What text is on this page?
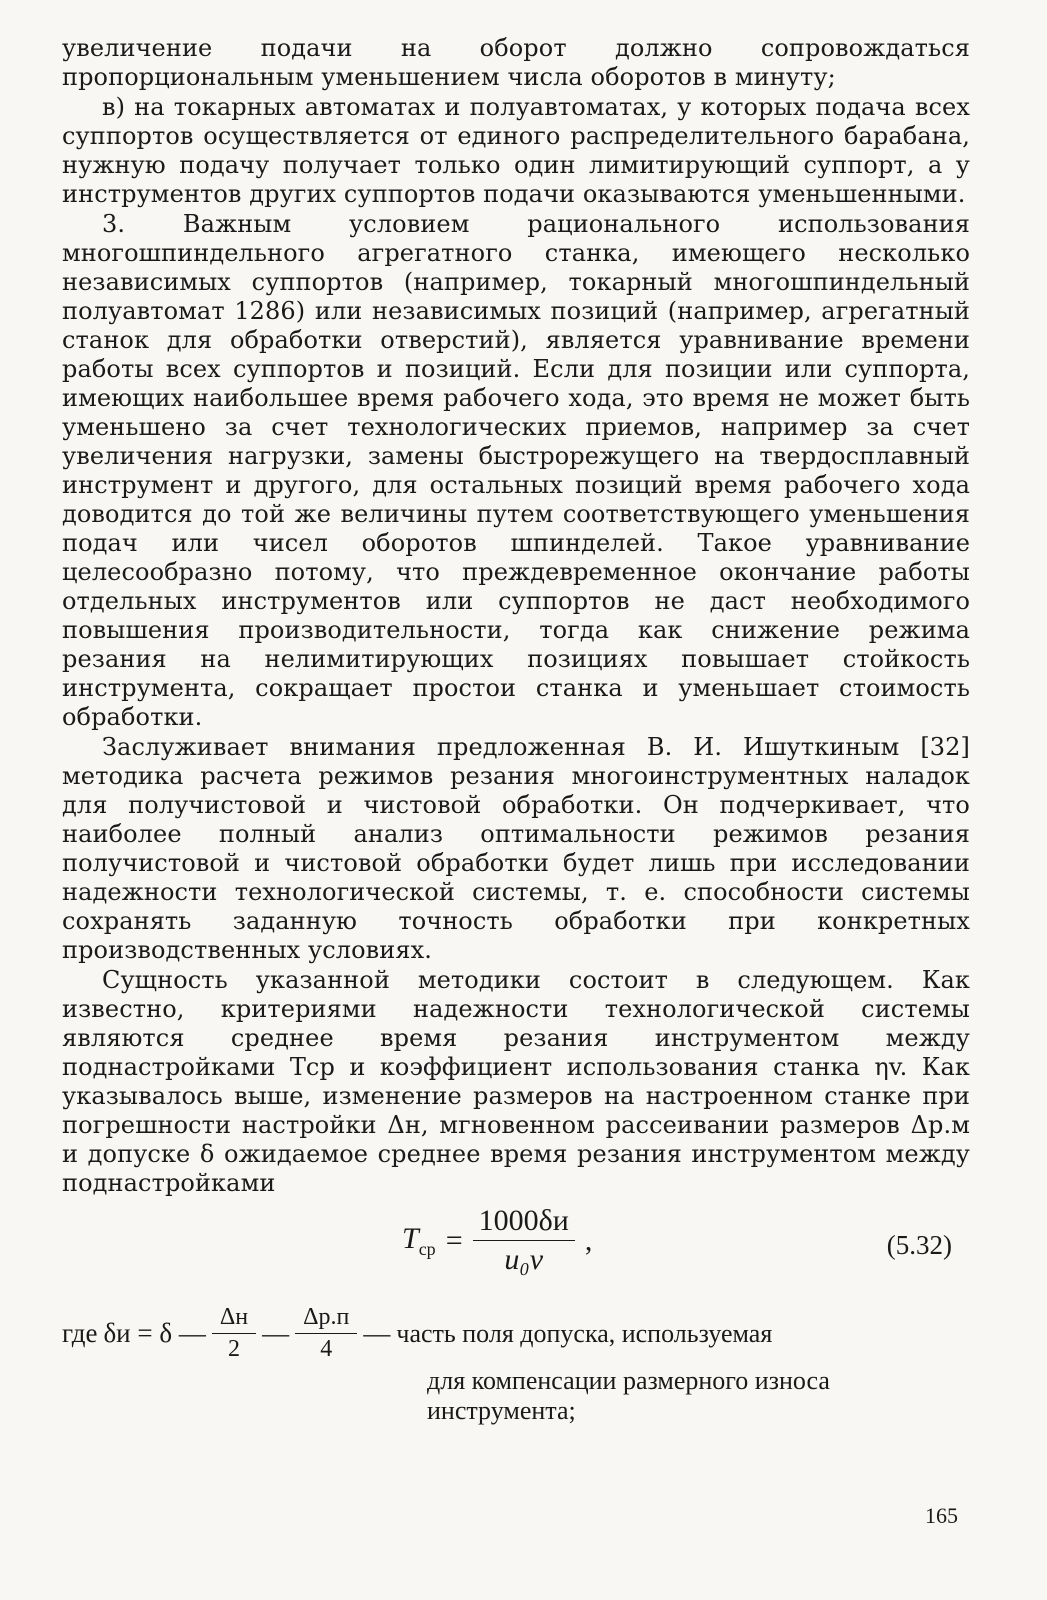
увеличение подачи на оборот должно сопровождаться пропорциональным уменьшением числа оборотов в минуту;

в) на токарных автоматах и полуавтоматах, у которых подача всех суппортов осуществляется от единого распределительного барабана, нужную подачу получает только один лимитирующий суппорт, а у инструментов других суппортов подачи оказываются уменьшенными.

3. Важным условием рационального использования многошпиндельного агрегатного станка, имеющего несколько независимых суппортов (например, токарный многошпиндельный полуавтомат 1286) или независимых позиций (например, агрегатный станок для обработки отверстий), является уравнивание времени работы всех суппортов и позиций. Если для позиции или суппорта, имеющих наибольшее время рабочего хода, это время не может быть уменьшено за счет технологических приемов, например за счет увеличения нагрузки, замены быстрорежущего на твердосплавный инструмент и другого, для остальных позиций время рабочего хода доводится до той же величины путем соответствующего уменьшения подач или чисел оборотов шпинделей. Такое уравнивание целесообразно потому, что преждевременное окончание работы отдельных инструментов или суппортов не даст необходимого повышения производительности, тогда как снижение режима резания на нелимитирующих позициях повышает стойкость инструмента, сокращает простои станка и уменьшает стоимость обработки.

Заслуживает внимания предложенная В. И. Ишуткиным [32] методика расчета режимов резания многоинструментных наладок для получистовой и чистовой обработки. Он подчеркивает, что наиболее полный анализ оптимальности режимов резания получистовой и чистовой обработки будет лишь при исследовании надежности технологической системы, т. е. способности системы сохранять заданную точность обработки при конкретных производственных условиях.

Сущность указанной методики состоит в следующем. Как известно, критериями надежности технологической системы являются среднее время резания инструментом между поднастройками Tср и коэффициент использования станка ηv. Как указывалось выше, изменение размеров на настроенном станке при погрешности настройки Δн, мгновенном рассеивании размеров Δр.м и допуске δ ожидаемое среднее время резания инструментом между поднастройками

$T_{ср} = \frac{1000\delta и}{\text{u₀v}}$ ,	(5.32)
где δи = δ — $\frac{\Delta н}{2}$ — $\frac{\Delta р.п}{4}$ — часть поля допуска, используемая
для компенсации размерного износа инструмента;
165
